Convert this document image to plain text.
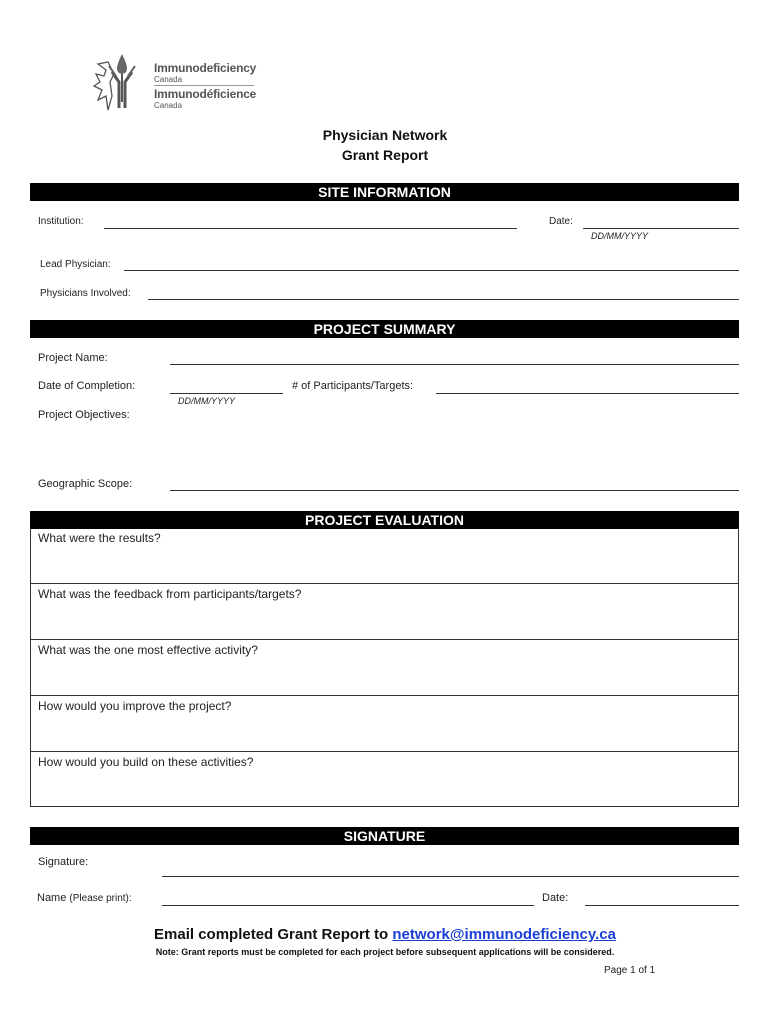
Immunodeficiency
Canada
Immunodéficience
Canada
Physician Network
Grant Report
SITE INFORMATION
Institution:	Date:
DD/MM/YYYY
Lead Physician:
Physicians Involved:
PROJECT SUMMARY
Project Name:
Date of Completion:
DD/MM/YYYY
# of Participants/Targets:
Project Objectives:
Geographic Scope:
PROJECT EVALUATION
What were the results?
What was the feedback from participants/targets?
What was the one most effective activity?
How would you improve the project?
How would you build on these activities?
SIGNATURE
Signature:
Name (Please print):	Date:
Email completed Grant Report to network@immunodeficiency.ca
Note: Grant reports must be completed for each project before subsequent applications will be considered.
Page 1 of 1
